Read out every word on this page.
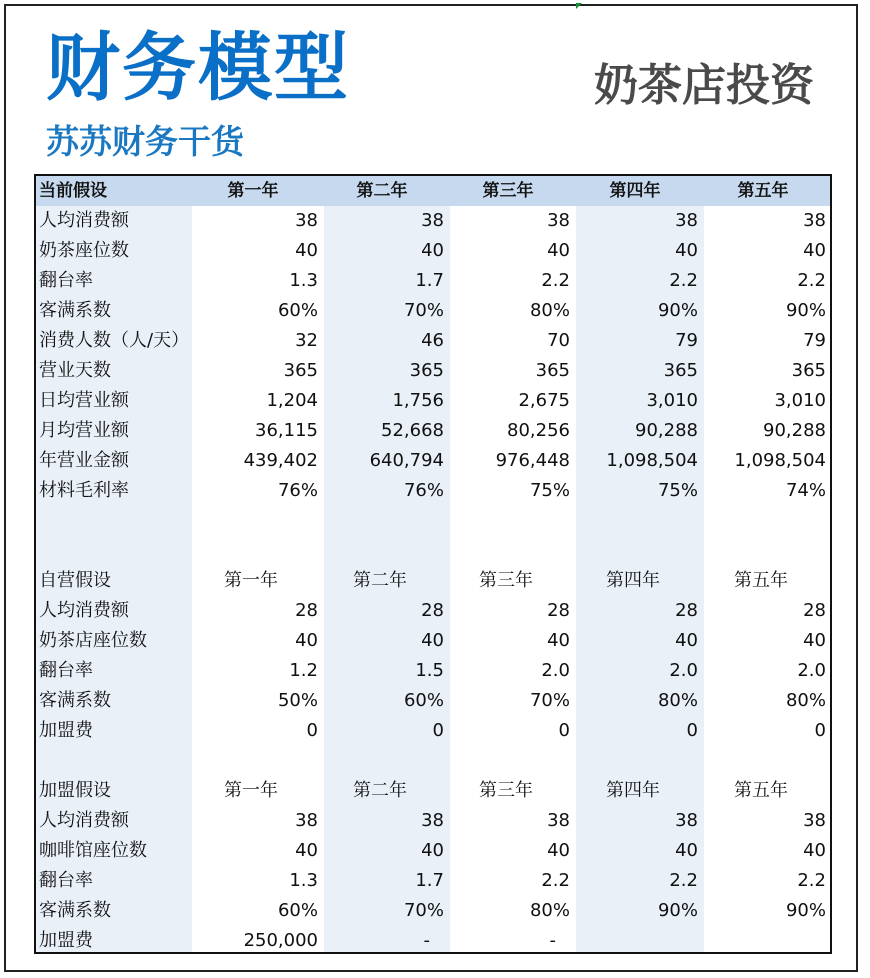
财务模型
苏苏财务干货
奶茶店投资
当前假设	第一年	第二年	第三年	第四年	第五年
人均消费额	38	38	38	38	38
奶茶座位数	40	40	40	40	40
翻台率	1.3	1.7	2.2	2.2	2.2
客满系数	60%	70%	80%	90%	90%
消费人数（人/天）	32	46	70	79	79
营业天数	365	365	365	365	365
日均营业额	1,204	1,756	2,675	3,010	3,010
月均营业额	36,115	52,668	80,256	90,288	90,288
年营业金额	439,402	640,794	976,448	1,098,504	1,098,504
材料毛利率	76%	76%	75%	75%	74%
自营假设	第一年	第二年	第三年	第四年	第五年
人均消费额	28	28	28	28	28
奶茶店座位数	40	40	40	40	40
翻台率	1.2	1.5	2.0	2.0	2.0
客满系数	50%	60%	70%	80%	80%
加盟费	0	0	0	0	0
加盟假设	第一年	第二年	第三年	第四年	第五年
人均消费额	38	38	38	38	38
咖啡馆座位数	40	40	40	40	40
翻台率	1.3	1.7	2.2	2.2	2.2
客满系数	60%	70%	80%	90%	90%
加盟费	250,000	-	-
